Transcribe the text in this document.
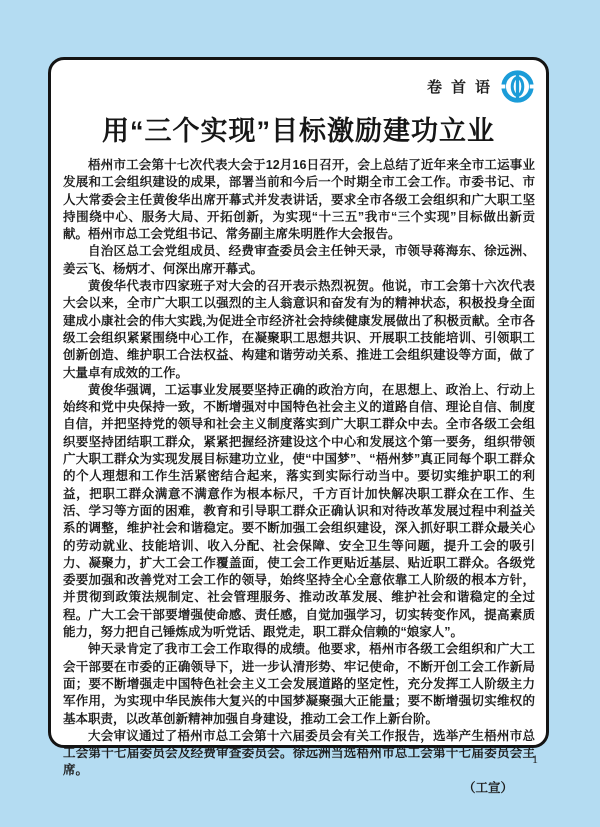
卷首语
用“三个实现”目标激励建功立业

梧州市工会第十七次代表大会于12月16日召开，会上总结了近年来全市工运事业发展和工会组织建设的成果，部署当前和今后一个时期全市工会工作。市委书记、市人大常委会主任黄俊华出席开幕式并发表讲话，要求全市各级工会组织和广大职工坚持围绕中心、服务大局、开拓创新，为实现“十三五”我市“三个实现”目标做出新贡献。梧州市总工会党组书记、常务副主席朱明胜作大会报告。

自治区总工会党组成员、经费审查委员会主任钟天录，市领导蒋海东、徐远洲、姜云飞、杨炳才、何深出席开幕式。

黄俊华代表市四家班子对大会的召开表示热烈祝贺。他说，市工会第十六次代表大会以来，全市广大职工以强烈的主人翁意识和奋发有为的精神状态，积极投身全面建成小康社会的伟大实践,为促进全市经济社会持续健康发展做出了积极贡献。全市各级工会组织紧紧围绕中心工作，在凝聚职工思想共识、开展职工技能培训、引领职工创新创造、维护职工合法权益、构建和谐劳动关系、推进工会组织建设等方面，做了大量卓有成效的工作。

黄俊华强调，工运事业发展要坚持正确的政治方向，在思想上、政治上、行动上始终和党中央保持一致，不断增强对中国特色社会主义的道路自信、理论自信、制度自信，并把坚持党的领导和社会主义制度落实到广大职工群众中去。全市各级工会组织要坚持团结职工群众，紧紧把握经济建设这个中心和发展这个第一要务，组织带领广大职工群众为实现发展目标建功立业，使“中国梦”、“梧州梦”真正同每个职工群众的个人理想和工作生活紧密结合起来，落实到实际行动当中。要切实维护职工的利益，把职工群众满意不满意作为根本标尺，千方百计加快解决职工群众在工作、生活、学习等方面的困难，教育和引导职工群众正确认识和对待改革发展过程中利益关系的调整，维护社会和谐稳定。要不断加强工会组织建设，深入抓好职工群众最关心的劳动就业、技能培训、收入分配、社会保障、安全卫生等问题，提升工会的吸引力、凝聚力，扩大工会工作覆盖面，使工会工作更贴近基层、贴近职工群众。各级党委要加强和改善党对工会工作的领导，始终坚持全心全意依靠工人阶级的根本方针，并贯彻到政策法规制定、社会管理服务、推动改革发展、维护社会和谐稳定的全过程。广大工会干部要增强使命感、责任感，自觉加强学习，切实转变作风，提高素质能力，努力把自己锤炼成为听党话、跟党走，职工群众信赖的“娘家人”。

钟天录肯定了我市工会工作取得的成绩。他要求，梧州市各级工会组织和广大工会干部要在市委的正确领导下，进一步认清形势、牢记使命，不断开创工会工作新局面；要不断增强走中国特色社会主义工会发展道路的坚定性，充分发挥工人阶级主力军作用，为实现中华民族伟大复兴的中国梦凝聚强大正能量；要不断增强切实维权的基本职责，以改革创新精神加强自身建设，推动工会工作上新台阶。

大会审议通过了梧州市总工会第十六届委员会有关工作报告，选举产生梧州市总工会第十七届委员会及经费审查委员会。徐远洲当选梧州市总工会第十七届委员会主席。

（工宣）

1
